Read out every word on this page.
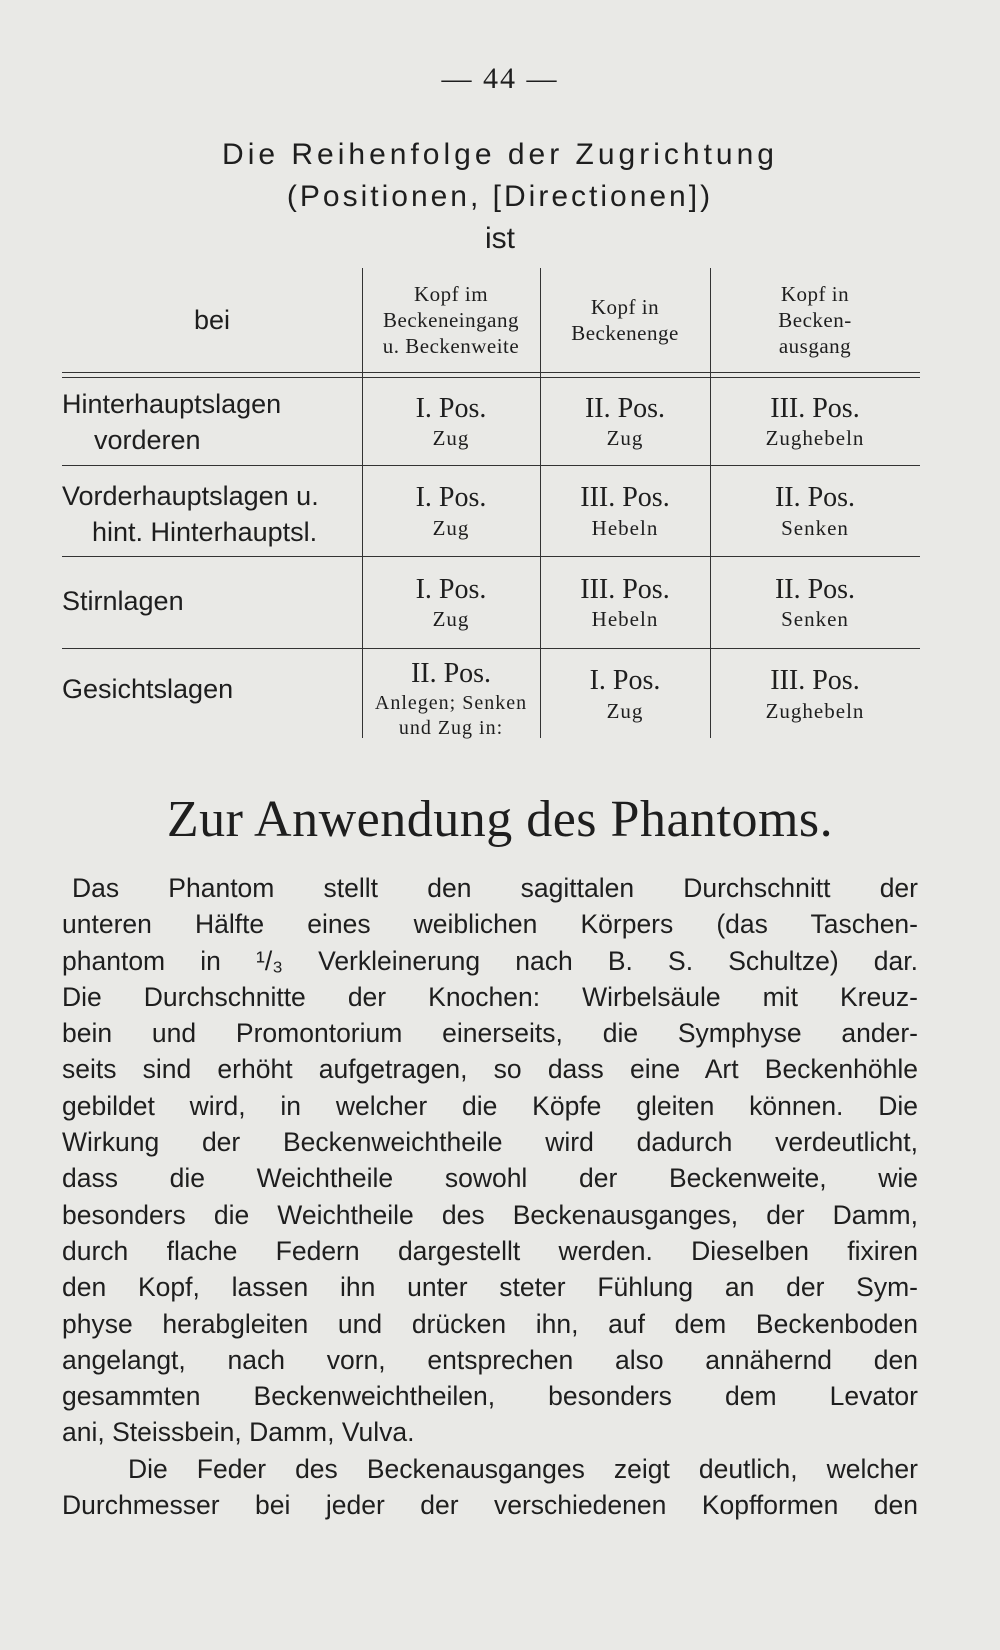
— 44 —
Die Reihenfolge der Zugrichtung
(Positionen, [Directionen])
ist
bei
Kopf im
Beckeneingang
u. Beckenweite
Kopf in
Beckenenge
Kopf in
Becken-
ausgang
Hinterhauptslagen
vorderen
I. Pos.
Zug
II. Pos.
Zug
III. Pos.
Zughebeln
Vorderhauptslagen u.
hint. Hinterhauptsl.
I. Pos.
Zug
III. Pos.
Hebeln
II. Pos.
Senken
Stirnlagen	I. Pos.
Zug
III. Pos.
Hebeln
II. Pos.
Senken
Gesichtslagen	II. Pos.
Anlegen; Senken
und Zug in:
I. Pos.
Zug
III. Pos.
Zughebeln
Zur Anwendung des Phantoms.
Das Phantom stellt den sagittalen Durchschnitt der
unteren Hälfte eines weiblichen Körpers (das Taschen-
phantom in ¹/₃ Verkleinerung nach B. S. Schultze) dar.
Die Durchschnitte der Knochen: Wirbelsäule mit Kreuz-
bein und Promontorium einerseits, die Symphyse ander-
seits sind erhöht aufgetragen, so dass eine Art Beckenhöhle
gebildet wird, in welcher die Köpfe gleiten können. Die
Wirkung der Beckenweichtheile wird dadurch verdeutlicht,
dass die Weichtheile sowohl der Beckenweite, wie
besonders die Weichtheile des Beckenausganges, der Damm,
durch flache Federn dargestellt werden. Dieselben fixiren
den Kopf, lassen ihn unter steter Fühlung an der Sym-
physe herabgleiten und drücken ihn, auf dem Beckenboden
angelangt, nach vorn, entsprechen also annähernd den
gesammten Beckenweichtheilen, besonders dem Levator
ani, Steissbein, Damm, Vulva.
Die Feder des Beckenausganges zeigt deutlich, welcher
Durchmesser bei jeder der verschiedenen Kopfformen den
